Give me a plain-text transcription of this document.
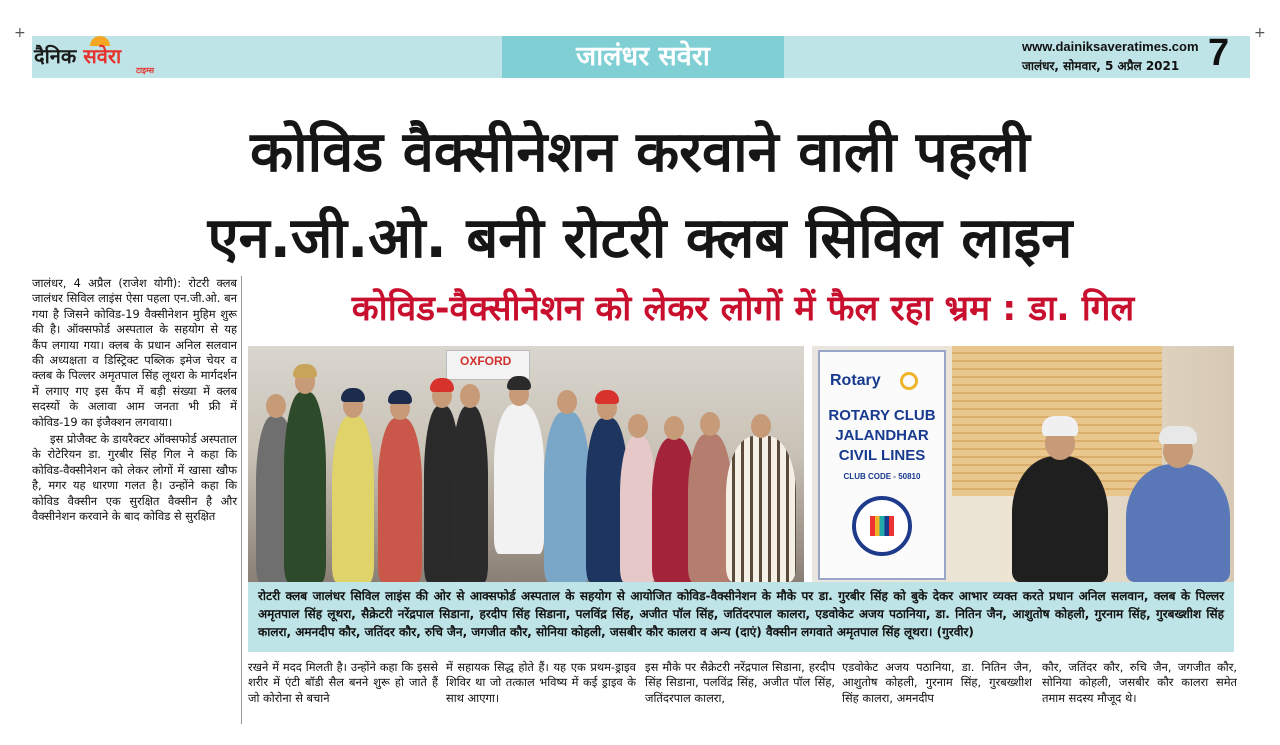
+	+
दैनिक सवेरा
टाइम्स	जालंधर सवेरा	www.dainiksaveratimes.com
जालंधर, सोमवार, 5 अप्रैल 2021 7
कोविड वैक्सीनेशन करवाने वाली पहली
एन.जी.ओ. बनी रोटरी क्लब सिविल लाइन

जालंधर, 4 अप्रैल (राजेश योगी): रोटरी क्लब जालंधर सिविल लाइंस ऐसा पहला एन.जी.ओ. बन गया है जिसने कोविड-19 वैक्सीनेशन मुहिम शुरू की है। ऑक्सफोर्ड अस्पताल के सहयोग से यह कैंप लगाया गया। क्लब के प्रधान अनिल सलवान की अध्यक्षता व डिस्ट्रिक्ट पब्लिक इमेज चेयर व क्लब के पिल्लर अमृतपाल सिंह लूथरा के मार्गदर्शन में लगाए गए इस कैंप में बड़ी संख्या में क्लब सदस्यों के अलावा आम जनता भी फ्री में कोविड-19 का इंजैक्शन लगवाया।

इस प्रोजैक्ट के डायरैक्टर ऑक्सफोर्ड अस्पताल के रोटेरियन डा. गुरबीर सिंह गिल ने कहा कि कोविड-वैक्सीनेशन को लेकर लोगों में खासा खौफ है, मगर यह धारणा गलत है। उन्होंने कहा कि कोविड वैक्सीन एक सुरक्षित वैक्सीन है और वैक्सीनेशन करवाने के बाद कोविड से सुरक्षित

कोविड-वैक्सीनेशन को लेकर लोगों में फैल रहा भ्रम : डा. गिल
OXFORD
Rotary
ROTARY CLUB JALANDHAR CIVIL LINES
CLUB CODE - 50810
रोटरी क्लब जालंधर सिविल लाइंस की ओर से आक्सफोर्ड अस्पताल के सहयोग से आयोजित कोविड-वैक्सीनेशन के मौके पर डा. गुरबीर सिंह को बुके देकर आभार व्यक्त करते प्रधान अनिल सलवान, क्लब के पिल्लर अमृतपाल सिंह लूथरा, सैक्रेटरी नरेंद्रपाल सिडाना, हरदीप सिंह सिडाना, पलविंद्र सिंह, अजीत पॉल सिंह, जतिंदरपाल कालरा, एडवोकेट अजय पठानिया, डा. नितिन जैन, आशुतोष कोहली, गुरनाम सिंह, गुरबख्शीश सिंह कालरा, अमनदीप कौर, जतिंदर कौर, रुचि जैन, जगजीत कौर, सोनिया कोहली, जसबीर कौर कालरा व अन्य (दाएं) वैक्सीन लगवाते अमृतपाल सिंह लूथरा। (गुरवीर)
रखने में मदद मिलती है। उन्होंने कहा कि इससे शरीर में एंटी बॉडी सैल बनने शुरू हो जाते हैं जो कोरोना से बचाने
में सहायक सिद्ध होते हैं। यह एक प्रथम-ड्राइव शिविर था जो तत्काल भविष्य में कई ड्राइव के साथ आएगा।
इस मौके पर सैक्रेटरी नरेंद्रपाल सिडाना, हरदीप सिंह सिडाना, पलविंद्र सिंह, अजीत पॉल सिंह, जतिंदरपाल कालरा,
एडवोकेट अजय पठानिया, डा. नितिन जैन, आशुतोष कोहली, गुरनाम सिंह, गुरबख्शीश सिंह कालरा, अमनदीप
कौर, जतिंदर कौर, रुचि जैन, जगजीत कौर, सोनिया कोहली, जसबीर कौर कालरा समेत तमाम सदस्य मौजूद थे।
